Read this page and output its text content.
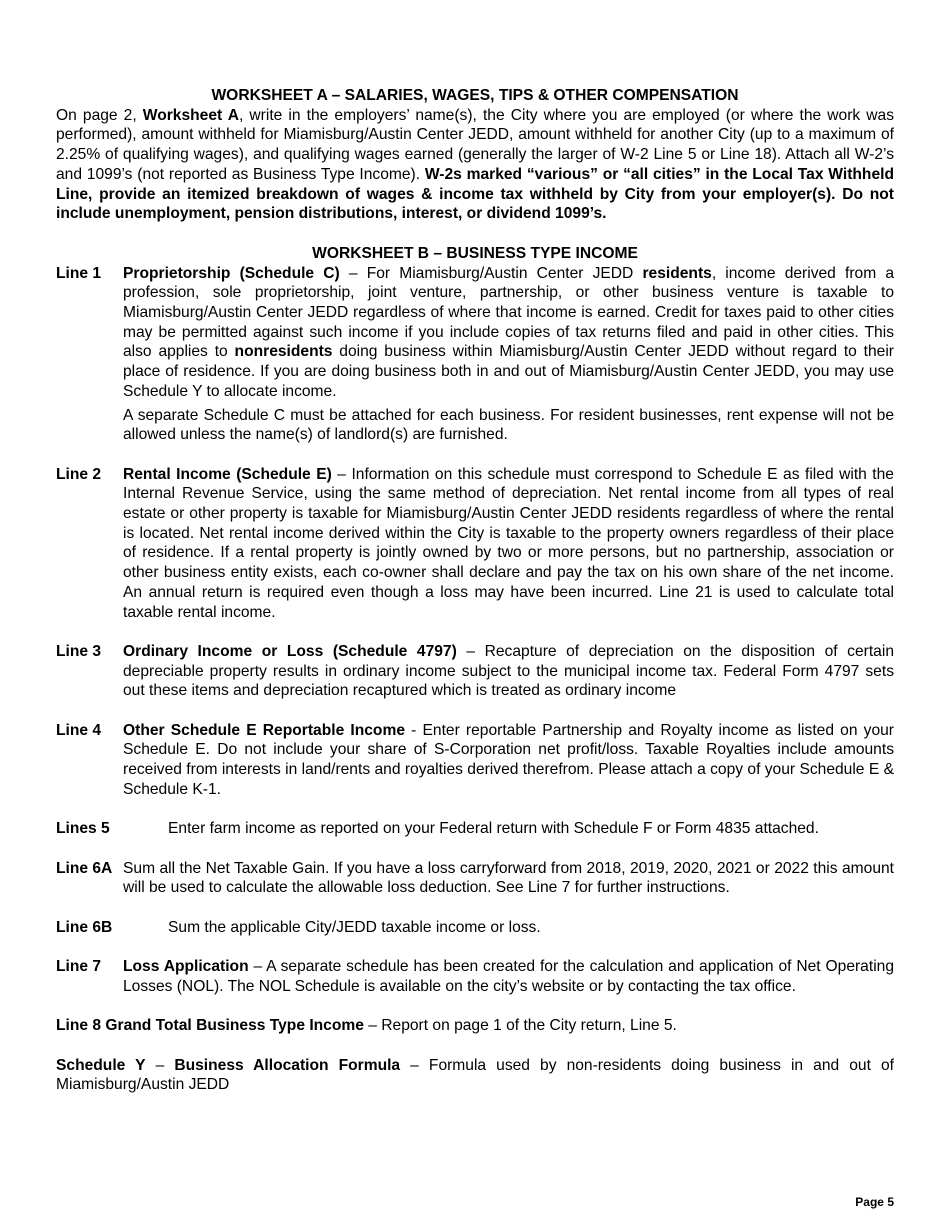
WORKSHEET A – SALARIES, WAGES, TIPS & OTHER COMPENSATION

On page 2, Worksheet A, write in the employers’ name(s), the City where you are employed (or where the work was performed), amount withheld for Miamisburg/Austin Center JEDD, amount withheld for another City (up to a maximum of 2.25% of qualifying wages), and qualifying wages earned (generally the larger of W-2 Line 5 or Line 18). Attach all W-2’s and 1099’s (not reported as Business Type Income). W-2s marked “various” or “all cities” in the Local Tax Withheld Line, provide an itemized breakdown of wages & income tax withheld by City from your employer(s). Do not include unemployment, pension distributions, interest, or dividend 1099’s.

WORKSHEET B – BUSINESS TYPE INCOME
Line 1 Proprietorship (Schedule C) – For Miamisburg/Austin Center JEDD residents, income derived from a profession, sole proprietorship, joint venture, partnership, or other business venture is taxable to Miamisburg/Austin Center JEDD regardless of where that income is earned. Credit for taxes paid to other cities may be permitted against such income if you include copies of tax returns filed and paid in other cities. This also applies to nonresidents doing business within Miamisburg/Austin Center JEDD without regard to their place of residence. If you are doing business both in and out of Miamisburg/Austin Center JEDD, you may use Schedule Y to allocate income.

A separate Schedule C must be attached for each business. For resident businesses, rent expense will not be allowed unless the name(s) of landlord(s) are furnished.

Line 2 Rental Income (Schedule E) – Information on this schedule must correspond to Schedule E as filed with the Internal Revenue Service, using the same method of depreciation. Net rental income from all types of real estate or other property is taxable for Miamisburg/Austin Center JEDD residents regardless of where the rental is located. Net rental income derived within the City is taxable to the property owners regardless of their place of residence. If a rental property is jointly owned by two or more persons, but no partnership, association or other business entity exists, each co-owner shall declare and pay the tax on his own share of the net income. An annual return is required even though a loss may have been incurred. Line 21 is used to calculate total taxable rental income.

Line 3 Ordinary Income or Loss (Schedule 4797) – Recapture of depreciation on the disposition of certain depreciable property results in ordinary income subject to the municipal income tax. Federal Form 4797 sets out these items and depreciation recaptured which is treated as ordinary income

Line 4 Other Schedule E Reportable Income - Enter reportable Partnership and Royalty income as listed on your Schedule E. Do not include your share of S-Corporation net profit/loss. Taxable Royalties include amounts received from interests in land/rents and royalties derived therefrom. Please attach a copy of your Schedule E & Schedule K-1.

Lines 5	Enter farm income as reported on your Federal return with Schedule F or Form 4835 attached.
Line 6A Sum all the Net Taxable Gain. If you have a loss carryforward from 2018, 2019, 2020, 2021 or 2022 this amount will be used to calculate the allowable loss deduction. See Line 7 for further instructions.

Line 6B	Sum the applicable City/JEDD taxable income or loss.
Line 7 Loss Application – A separate schedule has been created for the calculation and application of Net Operating Losses (NOL). The NOL Schedule is available on the city’s website or by contacting the tax office.

Line 8 Grand Total Business Type Income – Report on page 1 of the City return, Line 5.

Schedule Y – Business Allocation Formula – Formula used by non-residents doing business in and out of Miamisburg/Austin JEDD

Page 5
